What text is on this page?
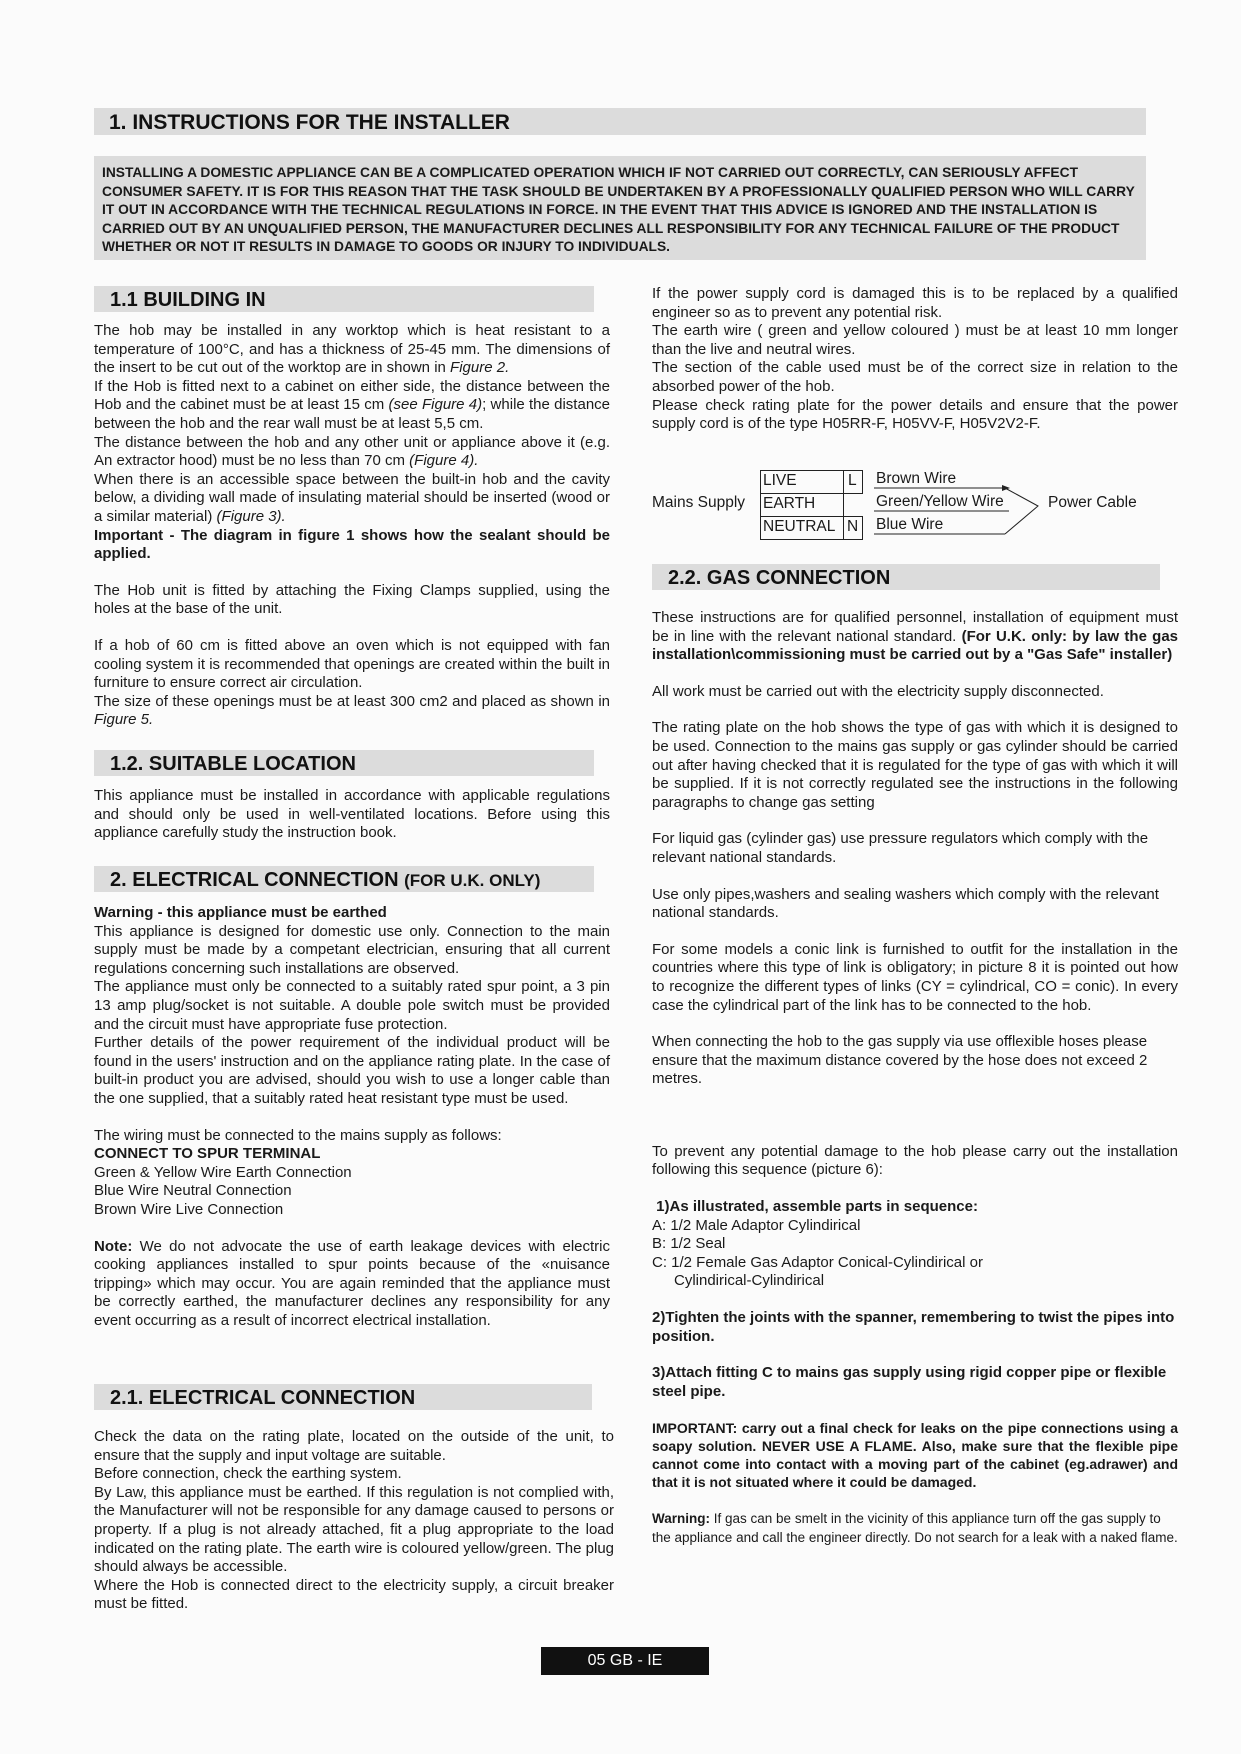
1. INSTRUCTIONS FOR THE INSTALLER
INSTALLING A DOMESTIC APPLIANCE CAN BE A COMPLICATED OPERATION WHICH IF NOT CARRIED OUT CORRECTLY, CAN SERIOUSLY AFFECT CONSUMER SAFETY. IT IS FOR THIS REASON THAT THE TASK SHOULD BE UNDERTAKEN BY A PROFESSIONALLY QUALIFIED PERSON WHO WILL CARRY IT OUT IN ACCORDANCE WITH THE TECHNICAL REGULATIONS IN FORCE. IN THE EVENT THAT THIS ADVICE IS IGNORED AND THE INSTALLATION IS CARRIED OUT BY AN UNQUALIFIED PERSON, THE MANUFACTURER DECLINES ALL RESPONSIBILITY FOR ANY TECHNICAL FAILURE OF THE PRODUCT WHETHER OR NOT IT RESULTS IN DAMAGE TO GOODS OR INJURY TO INDIVIDUALS.
1.1 BUILDING IN

The hob may be installed in any worktop which is heat resistant to a temperature of 100°C, and has a thickness of 25-45 mm. The dimensions of the insert to be cut out of the worktop are in shown in Figure 2.

If the Hob is fitted next to a cabinet on either side, the distance between the Hob and the cabinet must be at least 15 cm (see Figure 4); while the distance between the hob and the rear wall must be at least 5,5 cm.

The distance between the hob and any other unit or appliance above it (e.g. An extractor hood) must be no less than 70 cm (Figure 4).

When there is an accessible space between the built-in hob and the cavity below, a dividing wall made of insulating material should be inserted (wood or a similar material) (Figure 3).

Important - The diagram in figure 1 shows how the sealant should be applied.

The Hob unit is fitted by attaching the Fixing Clamps supplied, using the holes at the base of the unit.

If a hob of 60 cm is fitted above an oven which is not equipped with fan cooling system it is recommended that openings are created within the built in furniture to ensure correct air circulation.

The size of these openings must be at least 300 cm2 and placed as shown in Figure 5.

1.2. SUITABLE LOCATION
This appliance must be installed in accordance with applicable regulations and should only be used in well-ventilated locations. Before using this appliance carefully study the instruction book.
2. ELECTRICAL CONNECTION (FOR U.K. ONLY)

Warning - this appliance must be earthed

This appliance is designed for domestic use only. Connection to the main supply must be made by a competant electrician, ensuring that all current regulations concerning such installations are observed.

The appliance must only be connected to a suitably rated spur point, a 3 pin 13 amp plug/socket is not suitable. A double pole switch must be provided and the circuit must have appropriate fuse protection.

Further details of the power requirement of the individual product will be found in the users' instruction and on the appliance rating plate. In the case of built-in product you are advised, should you wish to use a longer cable than the one supplied, that a suitably rated heat resistant type must be used.

The wiring must be connected to the mains supply as follows:

CONNECT TO SPUR TERMINAL

Green & Yellow Wire Earth Connection

Blue Wire Neutral Connection

Brown Wire Live Connection

Note: We do not advocate the use of earth leakage devices with electric cooking appliances installed to spur points because of the «nuisance tripping» which may occur. You are again reminded that the appliance must be correctly earthed, the manufacturer declines any responsibility for any event occurring as a result of incorrect electrical installation.

2.1. ELECTRICAL CONNECTION

Check the data on the rating plate, located on the outside of the unit, to ensure that the supply and input voltage are suitable.

Before connection, check the earthing system.

By Law, this appliance must be earthed. If this regulation is not complied with, the Manufacturer will not be responsible for any damage caused to persons or property. If a plug is not already attached, fit a plug appropriate to the load indicated on the rating plate. The earth wire is coloured yellow/green. The plug should always be accessible.

Where the Hob is connected direct to the electricity supply, a circuit breaker must be fitted.

If the power supply cord is damaged this is to be replaced by a qualified engineer so as to prevent any potential risk.

The earth wire ( green and yellow coloured ) must be at least 10 mm longer than the live and neutral wires.

The section of the cable used must be of the correct size in relation to the absorbed power of the hob.

Please check rating plate for the power details and ensure that the power supply cord is of the type H05RR-F, H05VV-F, H05V2V2-F.

Mains Supply
LIVE	L
EARTH
NEUTRAL N
Brown Wire
Green/Yellow Wire
Blue Wire
Power Cable
2.2. GAS CONNECTION

These instructions are for qualified personnel, installation of equipment must be in line with the relevant national standard. (For U.K. only: by law the gas installation\commissioning must be carried out by a "Gas Safe" installer)

All work must be carried out with the electricity supply disconnected.

The rating plate on the hob shows the type of gas with which it is designed to be used. Connection to the mains gas supply or gas cylinder should be carried out after having checked that it is regulated for the type of gas with which it will be supplied. If it is not correctly regulated see the instructions in the following paragraphs to change gas setting

For liquid gas (cylinder gas) use pressure regulators which comply with the relevant national standards.

Use only pipes,washers and sealing washers which comply with the relevant national standards.

For some models a conic link is furnished to outfit for the installation in the countries where this type of link is obligatory; in picture 8 it is pointed out how to recognize the different types of links (CY = cylindrical, CO = conic). In every case the cylindrical part of the link has to be connected to the hob.

When connecting the hob to the gas supply via use offlexible hoses please ensure that the maximum distance covered by the hose does not exceed 2 metres.

To prevent any potential damage to the hob please carry out the installation following this sequence (picture 6):

1)As illustrated, assemble parts in sequence:

A: 1/2 Male Adaptor Cylindirical

B: 1/2 Seal

C: 1/2 Female Gas Adaptor Conical-Cylindirical or

Cylindirical-Cylindirical

2)Tighten the joints with the spanner, remembering to twist the pipes into position.

3)Attach fitting C to mains gas supply using rigid copper pipe or flexible steel pipe.

IMPORTANT: carry out a final check for leaks on the pipe connections using a soapy solution. NEVER USE A FLAME. Also, make sure that the flexible pipe cannot come into contact with a moving part of the cabinet (eg.adrawer) and that it is not situated where it could be damaged.

Warning: If gas can be smelt in the vicinity of this appliance turn off the gas supply to the appliance and call the engineer directly. Do not search for a leak with a naked flame.

05 GB - IE
